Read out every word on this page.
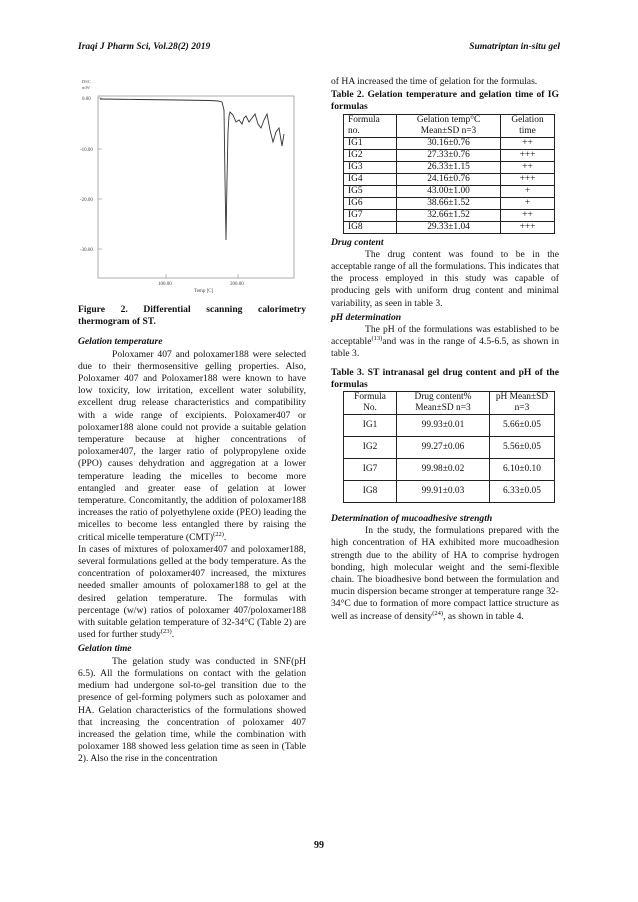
Iraqi J Pharm Sci, Vol.28(2) 2019	Sumatriptan in-situ gel
DSC
mW
0.00
-10.00
-20.00
-30.00
100.00	200.00
Temp [C]

Figure 2. Differential scanning calorimetry thermogram of ST.

Gelation temperature

Poloxamer 407 and poloxamer188 were selected due to their thermosensitive gelling properties. Also, Poloxamer 407 and Poloxamer188 were known to have low toxicity, low irritation, excellent water solubility, excellent drug release characteristics and compatibility with a wide range of excipients. Poloxamer407 or poloxamer188 alone could not provide a suitable gelation temperature because at higher concentrations of poloxamer407, the larger ratio of polypropylene oxide (PPO) causes dehydration and aggregation at a lower temperature leading the micelles to become more entangled and greater ease of gelation at lower temperature. Concomitantly, the addition of poloxamer188 increases the ratio of polyethylene oxide (PEO) leading the micelles to become less entangled there by raising the critical micelle temperature (CMT)$^{(22)}$.

In cases of mixtures of poloxamer407 and poloxamer188, several formulations gelled at the body temperature. As the concentration of poloxamer407 increased, the mixtures needed smaller amounts of poloxamer188 to gel at the desired gelation temperature. The formulas with percentage (w/w) ratios of poloxamer 407/poloxamer188 with suitable gelation temperature of 32-34°C (Table 2) are used for further study$^{(23)}$.

Gelation time

The gelation study was conducted in SNF(pH 6.5). All the formulations on contact with the gelation medium had undergone sol-to-gel transition due to the presence of gel-forming polymers such as poloxamer and HA. Gelation characteristics of the formulations showed that increasing the concentration of poloxamer 407 increased the gelation time, while the combination with poloxamer 188 showed less gelation time as seen in (Table 2). Also the rise in the concentration

of HA increased the time of gelation for the formulas.

Table 2. Gelation temperature and gelation time of IG formulas

Formula no.	Gelation temp°C Mean±SD n=3	Gelation time
IG1	30.16±0.76	++
IG2	27.33±0.76	+++
IG3	26.33±1.15	++
IG4	24.16±0.76	+++
IG5	43.00±1.00	+
IG6	38.66±1.52	+
IG7	32.66±1.52	++
IG8	29.33±1.04	+++

Drug content

The drug content was found to be in the acceptable range of all the formulations. This indicates that the process employed in this study was capable of producing gels with uniform drug content and minimal variability, as seen in table 3.

pH determination

The pH of the formulations was established to be acceptable$^{(13)}$and was in the range of 4.5-6.5, as shown in table 3.

Table 3. ST intranasal gel drug content and pH of the formulas

Formula No.	Drug content% Mean±SD n=3	pH Mean±SD n=3
IG1	99.93±0.01	5.66±0.05
IG2	99.27±0.06	5.56±0.05
IG7	99.98±0.02	6.10±0.10
IG8	99.91±0.03	6.33±0.05

Determination of mucoadhesive strength

In the study, the formulations prepared with the high concentration of HA exhibited more mucoadhesion strength due to the ability of HA to comprise hydrogen bonding, high molecular weight and the semi-flexible chain. The bioadhesive bond between the formulation and mucin dispersion became stronger at temperature range 32-34°C due to formation of more compact lattice structure as well as increase of density$^{(24)}$, as shown in table 4.

99
